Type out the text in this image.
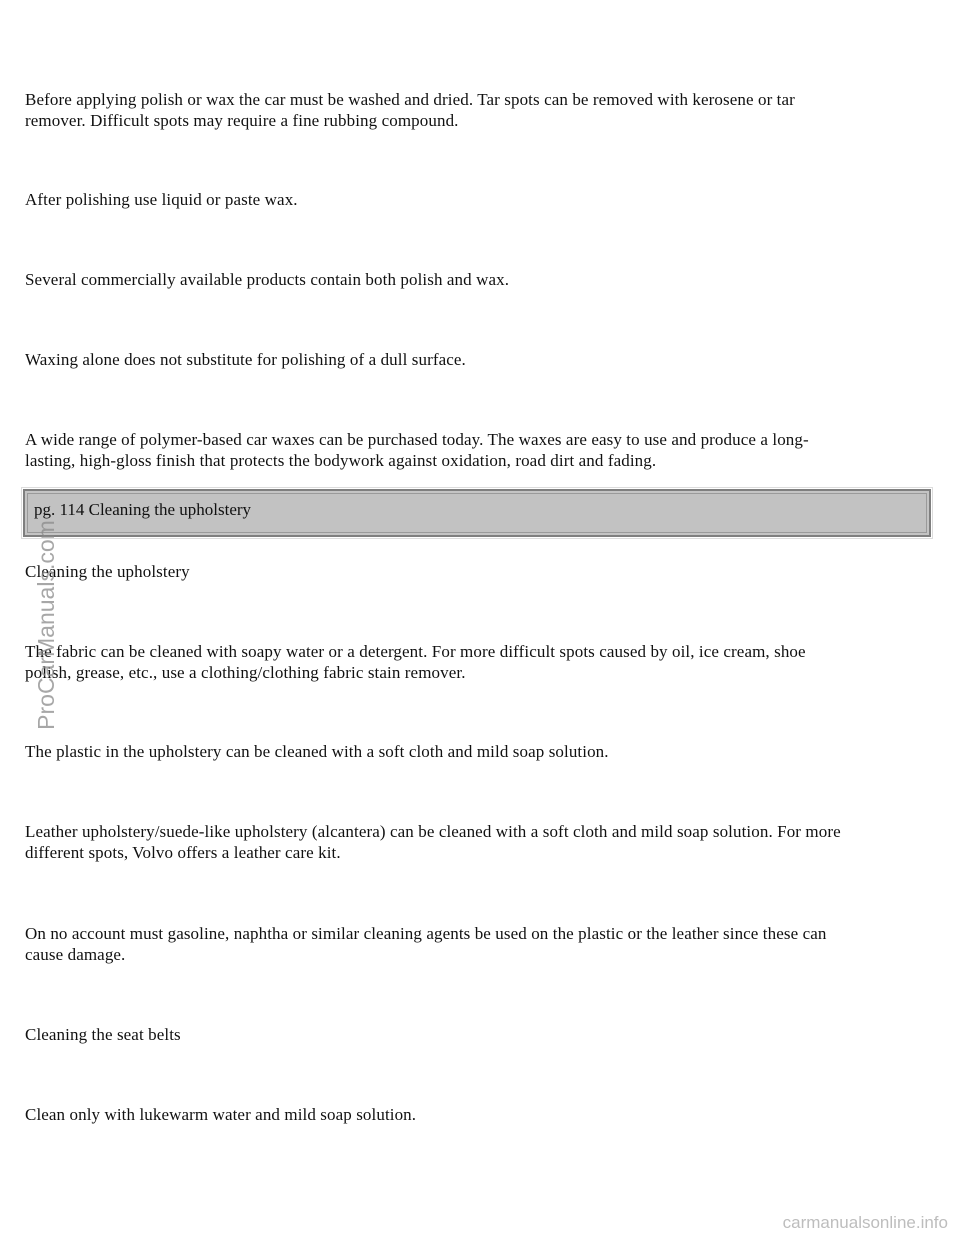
Before applying polish or wax the car must be washed and dried. Tar spots can be removed with kerosene or tar
remover. Difficult spots may require a fine rubbing compound.

After polishing use liquid or paste wax.

Several commercially available products contain both polish and wax.

Waxing alone does not substitute for polishing of a dull surface.

A wide range of polymer-based car waxes can be purchased today. The waxes are easy to use and produce a long-
lasting, high-gloss finish that protects the bodywork against oxidation, road dirt and fading.

pg. 114 Cleaning the upholstery

Cleaning the upholstery

The fabric can be cleaned with soapy water or a detergent. For more difficult spots caused by oil, ice cream, shoe
polish, grease, etc., use a clothing/clothing fabric stain remover.

The plastic in the upholstery can be cleaned with a soft cloth and mild soap solution.

Leather upholstery/suede-like upholstery (alcantera) can be cleaned with a soft cloth and mild soap solution. For more
different spots, Volvo offers a leather care kit.

On no account must gasoline, naphtha or similar cleaning agents be used on the plastic or the leather since these can
cause damage.

Cleaning the seat belts

Clean only with lukewarm water and mild soap solution.

ProCarManuals.com
carmanualsonline.info
